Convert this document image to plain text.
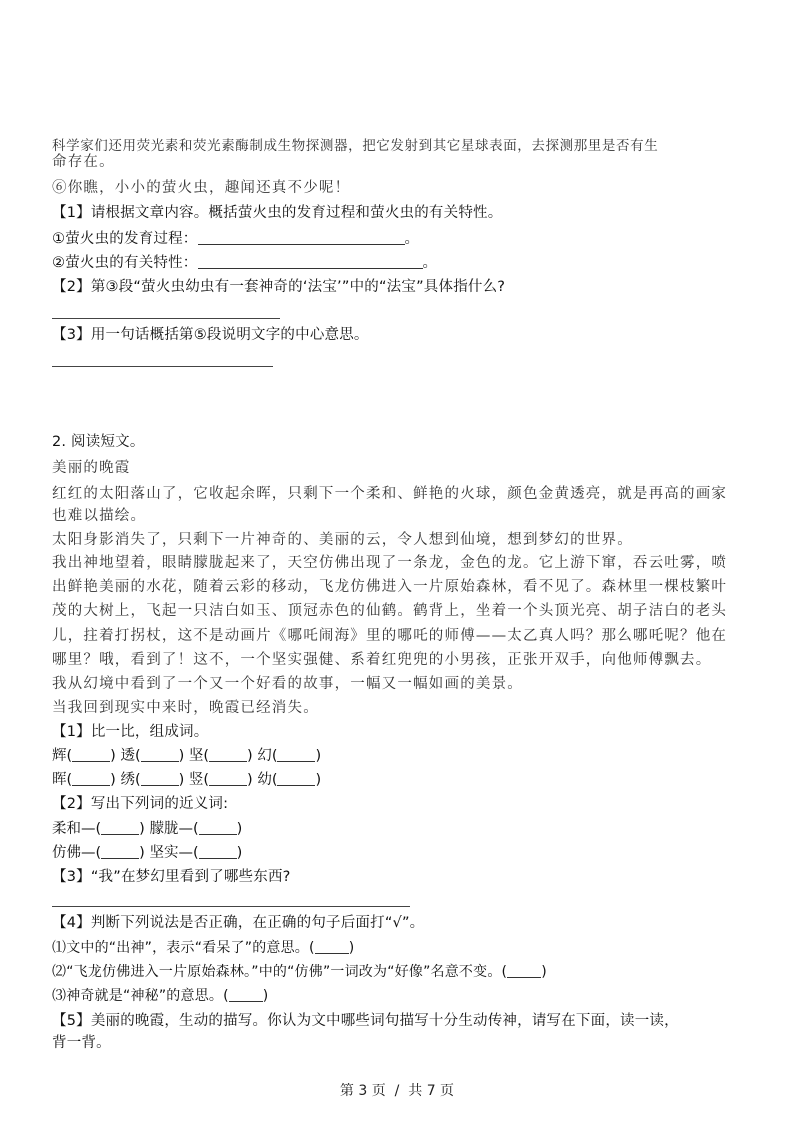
科学家们还用荧光素和荧光素酶制成生物探测器，把它发射到其它星球表面，去探测那里是否有生
命存在。
⑥你瞧，小小的萤火虫，趣闻还真不少呢！
【1】请根据文章内容。概括萤火虫的发育过程和萤火虫的有关特性。
①萤火虫的发育过程：	。
②萤火虫的有关特性：	。
【2】第③段“萤火虫幼虫有一套神奇的‘法宝’”中的“法宝”具体指什么?
【3】用一句话概括第⑤段说明文字的中心意思。
2. 阅读短文。
美丽的晚霞
红红的太阳落山了，它收起余晖，只剩下一个柔和、鲜艳的火球，颜色金黄透亮，就是再高的画家
也难以描绘。
太阳身影消失了，只剩下一片神奇的、美丽的云，令人想到仙境，想到梦幻的世界。
我出神地望着，眼睛朦胧起来了，天空仿佛出现了一条龙，金色的龙。它上游下窜，吞云吐雾，喷
出鲜艳美丽的水花，随着云彩的移动，飞龙仿佛进入一片原始森林，看不见了。森林里一棵枝繁叶
茂的大树上，飞起一只洁白如玉、顶冠赤色的仙鹤。鹤背上，坐着一个头顶光亮、胡子洁白的老头
儿，拄着打拐杖，这不是动画片《哪吒闹海》里的哪吒的师傅——太乙真人吗？那么哪吒呢？他在
哪里？哦，看到了！这不，一个坚实强健、系着红兜兜的小男孩，正张开双手，向他师傅飘去。
我从幻境中看到了一个又一个好看的故事，一幅又一幅如画的美景。
当我回到现实中来时，晚霞已经消失。
【1】比一比，组成词。
辉(	) 透(	) 坚(	) 幻(	)
晖(	) 绣(	) 竖(	) 幼(	)
【2】写出下列词的近义词:
柔和—(	) 朦胧—(	)
仿佛—(	) 坚实—(	)
【3】“我”在梦幻里看到了哪些东西?
【4】判断下列说法是否正确，在正确的句子后面打“√”。
⑴文中的“出神”，表示“看呆了”的意思。( )
⑵“飞龙仿佛进入一片原始森林。”中的“仿佛”一词改为“好像”名意不变。( )
⑶神奇就是“神秘”的意思。( )
【5】美丽的晚霞，生动的描写。你认为文中哪些词句描写十分生动传神，请写在下面，读一读，
背一背。
第 3 页  /  共 7 页
